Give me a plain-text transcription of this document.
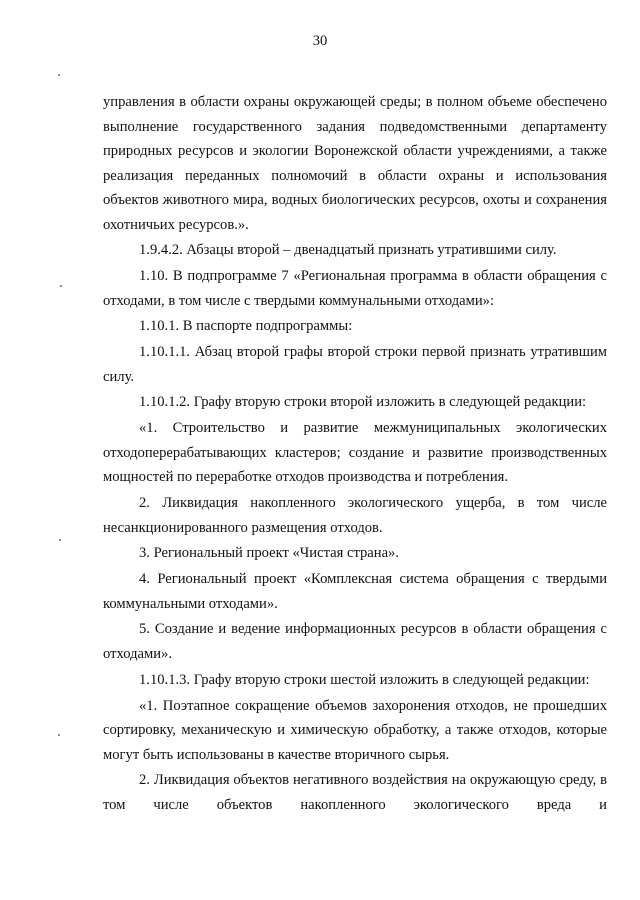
30

управления в области охраны окружающей среды; в полном объеме обеспечено выполнение государственного задания подведомственными департаменту природных ресурсов и экологии Воронежской области учреждениями, а также реализация переданных полномочий в области охраны и использования объектов животного мира, водных биологических ресурсов, охоты и сохранения охотничьих ресурсов.».

1.9.4.2. Абзацы второй – двенадцатый признать утратившими силу.

1.10. В подпрограмме 7 «Региональная программа в области обращения с отходами, в том числе с твердыми коммунальными отходами»:

1.10.1. В паспорте подпрограммы:

1.10.1.1. Абзац второй графы второй строки первой признать утратившим силу.

1.10.1.2. Графу вторую строки второй изложить в следующей редакции:

«1. Строительство и развитие межмуниципальных экологических отходоперерабатывающих кластеров; создание и развитие производственных мощностей по переработке отходов производства и потребления.

2. Ликвидация накопленного экологического ущерба, в том числе несанкционированного размещения отходов.

3. Региональный проект «Чистая страна».

4. Региональный проект «Комплексная система обращения с твердыми коммунальными отходами».

5. Создание и ведение информационных ресурсов в области обращения с отходами».

1.10.1.3. Графу вторую строки шестой изложить в следующей редакции:

«1. Поэтапное сокращение объемов захоронения отходов, не прошедших сортировку, механическую и химическую обработку, а также отходов, которые могут быть использованы в качестве вторичного сырья.

2. Ликвидация объектов негативного воздействия на окружающую среду, в том числе объектов накопленного экологического вреда и
